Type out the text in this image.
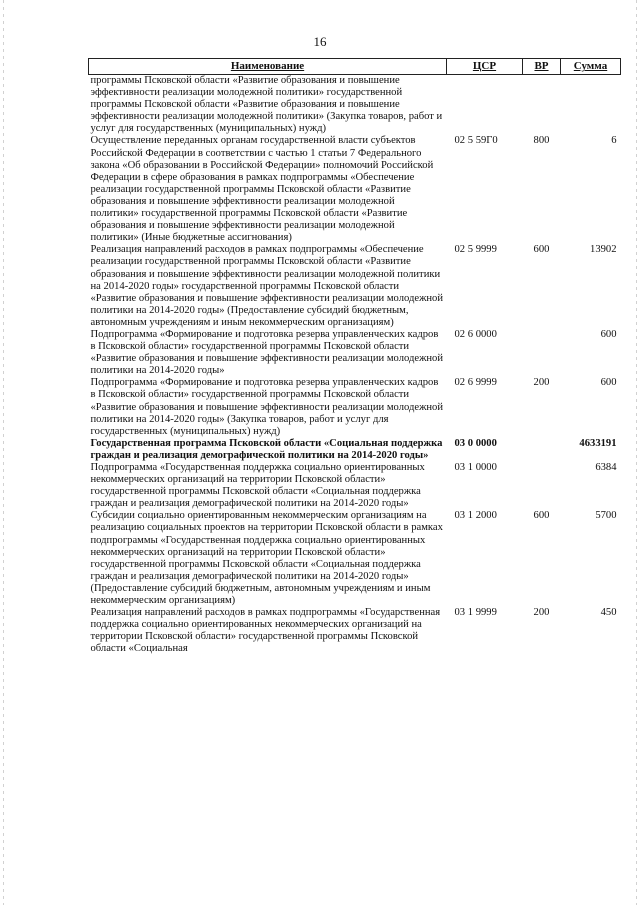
16
Наименование	ЦСР	ВР	Сумма
программы Псковской области «Развитие образования и повышение эффективности реализации молодежной политики» государственной программы Псковской области «Развитие образования и повышение эффективности реализации молодежной политики» (Закупка товаров, работ и услуг для государственных (муниципальных) нужд)			
Осуществление переданных органам государственной власти субъектов Российской Федерации в соответствии с частью 1 статьи 7 Федерального закона «Об образовании в Российской Федерации» полномочий Российской Федерации в сфере образования в рамках подпрограммы «Обеспечение реализации государственной программы Псковской области «Развитие образования и повышение эффективности реализации молодежной политики» государственной программы Псковской области «Развитие образования и повышение эффективности реализации молодежной политики» (Иные бюджетные ассигнования)	02 5 59Г0	800	6
Реализация направлений расходов в рамках подпрограммы «Обеспечение реализации государственной программы Псковской области «Развитие образования и повышение эффективности реализации молодежной политики на 2014-2020 годы» государственной программы Псковской области «Развитие образования и повышение эффективности реализации молодежной политики на 2014-2020 годы» (Предоставление субсидий бюджетным, автономным учреждениям и иным некоммерческим организациям)	02 5 9999	600	13902
Подпрограмма «Формирование и подготовка резерва управленческих кадров в Псковской области» государственной программы Псковской области «Развитие образования и повышение эффективности реализации молодежной политики на 2014-2020 годы»	02 6 0000		600
Подпрограмма «Формирование и подготовка резерва управленческих кадров в Псковской области» государственной программы Псковской области «Развитие образования и повышение эффективности реализации молодежной политики на 2014-2020 годы» (Закупка товаров, работ и услуг для государственных (муниципальных) нужд)	02 6 9999	200	600
Государственная программа Псковской области «Социальная поддержка граждан и реализация демографической политики на 2014-2020 годы»	03 0 0000		4633191
Подпрограмма «Государственная поддержка социально ориентированных некоммерческих организаций на территории Псковской области» государственной программы Псковской области «Социальная поддержка граждан и реализация демографической политики на 2014-2020 годы»	03 1 0000		6384
Субсидии социально ориентированным некоммерческим организациям на реализацию социальных проектов на территории Псковской области в рамках подпрограммы «Государственная поддержка социально ориентированных некоммерческих организаций на территории Псковской области» государственной программы Псковской области «Социальная поддержка граждан и реализация демографической политики на 2014-2020 годы» (Предоставление субсидий бюджетным, автономным учреждениям и иным некоммерческим организациям)	03 1 2000	600	5700
Реализация направлений расходов в рамках подпрограммы «Государственная поддержка социально ориентированных некоммерческих организаций на территории Псковской области» государственной программы Псковской области «Социальная	03 1 9999	200	450
